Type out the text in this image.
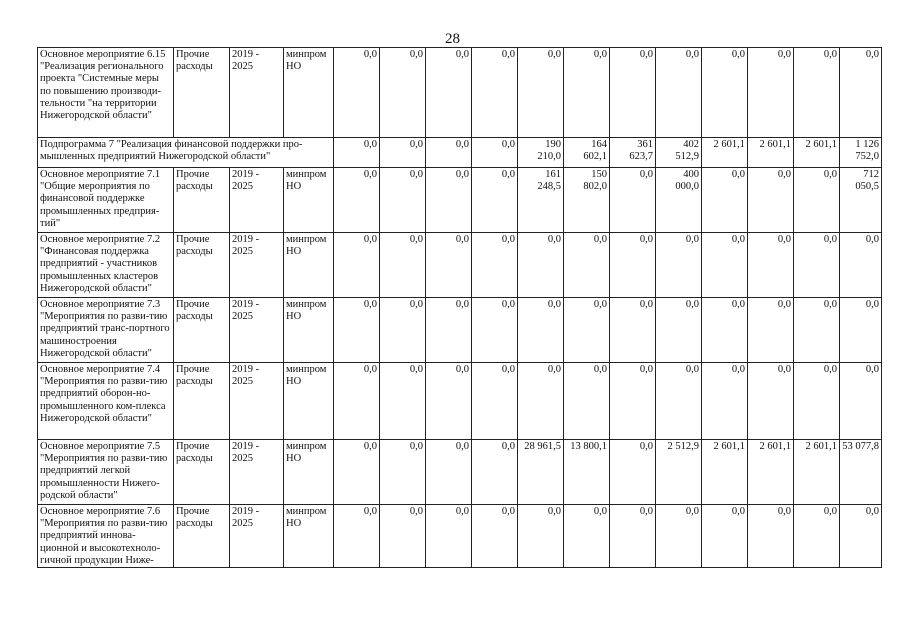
28
Основное мероприятие 6.15 "Реализация регионального проекта "Системные меры по повышению производи-тельности "на территории Нижегородской области"	Прочие расходы	2019 - 2025	минпром НО	0,0	0,0	0,0	0,0	0,0	0,0	0,0	0,0	0,0	0,0	0,0	0,0
Подпрограмма 7 "Реализация финансовой поддержки про-мышленных предприятий Нижегородской области"				0,0	0,0	0,0	0,0	190 210,0	164 602,1	361 623,7	402 512,9	2 601,1	2 601,1	2 601,1	1 126 752,0
Основное мероприятие 7.1 "Общие мероприятия по финансовой поддержке промышленных предприя-тий"	Прочие расходы	2019 - 2025	минпром НО	0,0	0,0	0,0	0,0	161 248,5	150 802,0	0,0	400 000,0	0,0	0,0	0,0	712 050,5
Основное мероприятие 7.2 "Финансовая поддержка предприятий - участников промышленных кластеров Нижегородской области"	Прочие расходы	2019 - 2025	минпром НО	0,0	0,0	0,0	0,0	0,0	0,0	0,0	0,0	0,0	0,0	0,0	0,0
Основное мероприятие 7.3 "Мероприятия по разви-тию предприятий транс-портного машиностроения Нижегородской области"	Прочие расходы	2019 - 2025	минпром НО	0,0	0,0	0,0	0,0	0,0	0,0	0,0	0,0	0,0	0,0	0,0	0,0
Основное мероприятие 7.4 "Мероприятия по разви-тию предприятий оборон-но-промышленного ком-плекса Нижегородской области"	Прочие расходы	2019 - 2025	минпром НО	0,0	0,0	0,0	0,0	0,0	0,0	0,0	0,0	0,0	0,0	0,0	0,0
Основное мероприятие 7.5 "Мероприятия по разви-тию предприятий легкой промышленности Нижего-родской области"	Прочие расходы	2019 - 2025	минпром НО	0,0	0,0	0,0	0,0	28 961,5	13 800,1	0,0	2 512,9	2 601,1	2 601,1	2 601,1	53 077,8
Основное мероприятие 7.6 "Мероприятия по разви-тию предприятий иннова-ционной и высокотехноло-гичной продукции Ниже-	Прочие расходы	2019 - 2025	минпром НО	0,0	0,0	0,0	0,0	0,0	0,0	0,0	0,0	0,0	0,0	0,0	0,0
